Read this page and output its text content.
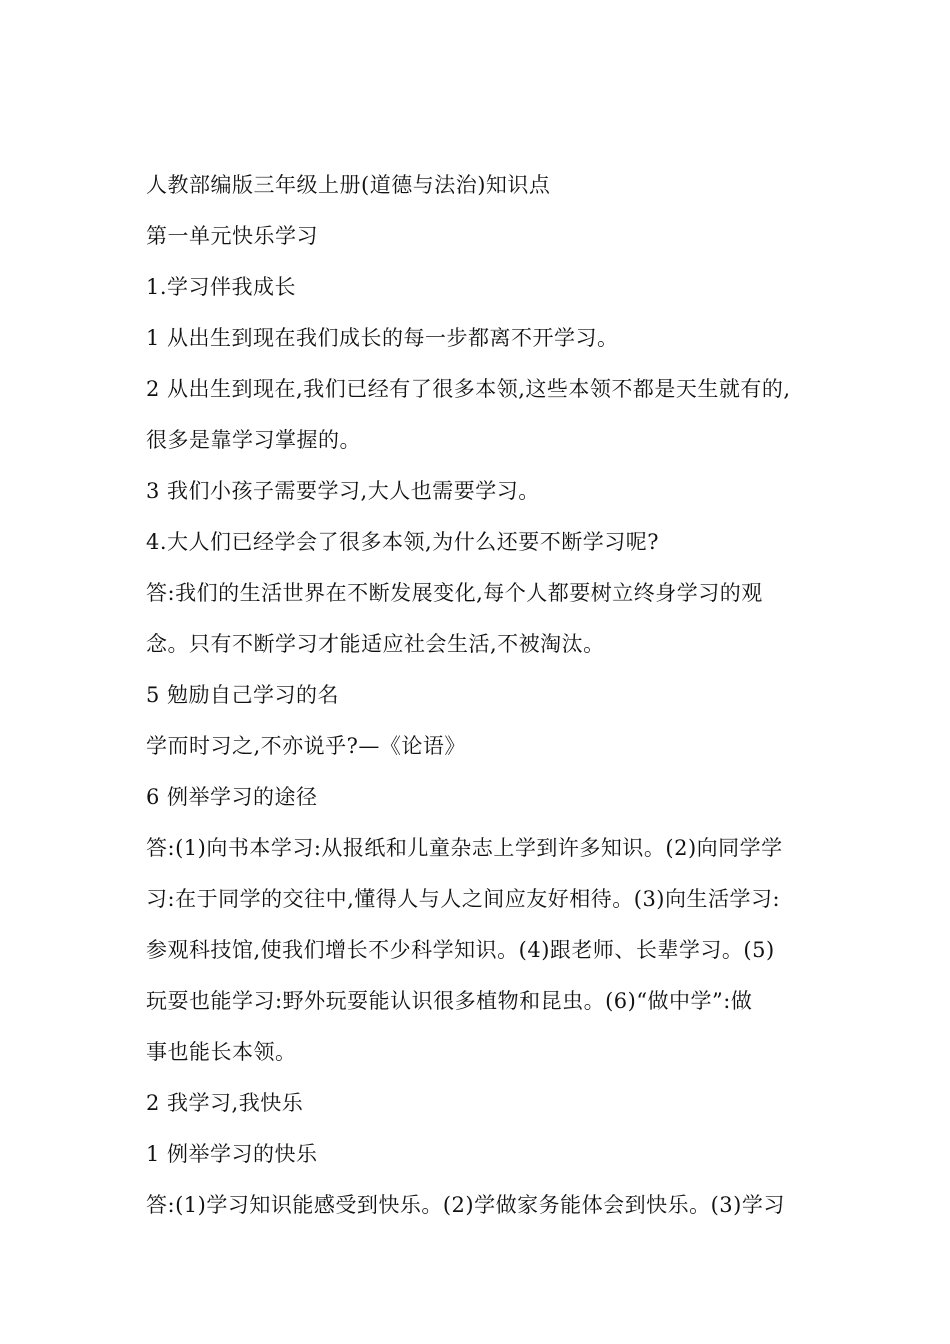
人教部编版三年级上册(道德与法治)知识点

第一单元快乐学习

1.学习伴我成长

1 从出生到现在我们成长的每一步都离不开学习。

2 从出生到现在,我们已经有了很多本领,这些本领不都是天生就有的,

很多是靠学习掌握的。

3 我们小孩子需要学习,大人也需要学习。

4.大人们已经学会了很多本领,为什么还要不断学习呢?

答:我们的生活世界在不断发展变化,每个人都要树立终身学习的观

念。只有不断学习才能适应社会生活,不被淘汰。

5 勉励自己学习的名

学而时习之,不亦说乎?—《论语》

6 例举学习的途径

答:(1)向书本学习:从报纸和儿童杂志上学到许多知识。(2)向同学学

习:在于同学的交往中,懂得人与人之间应友好相待。(3)向生活学习:

参观科技馆,使我们增长不少科学知识。(4)跟老师、长辈学习。(5)

玩耍也能学习:野外玩耍能认识很多植物和昆虫。(6)“做中学”:做

事也能长本领。

2 我学习,我快乐

1 例举学习的快乐

答:(1)学习知识能感受到快乐。(2)学做家务能体会到快乐。(3)学习
